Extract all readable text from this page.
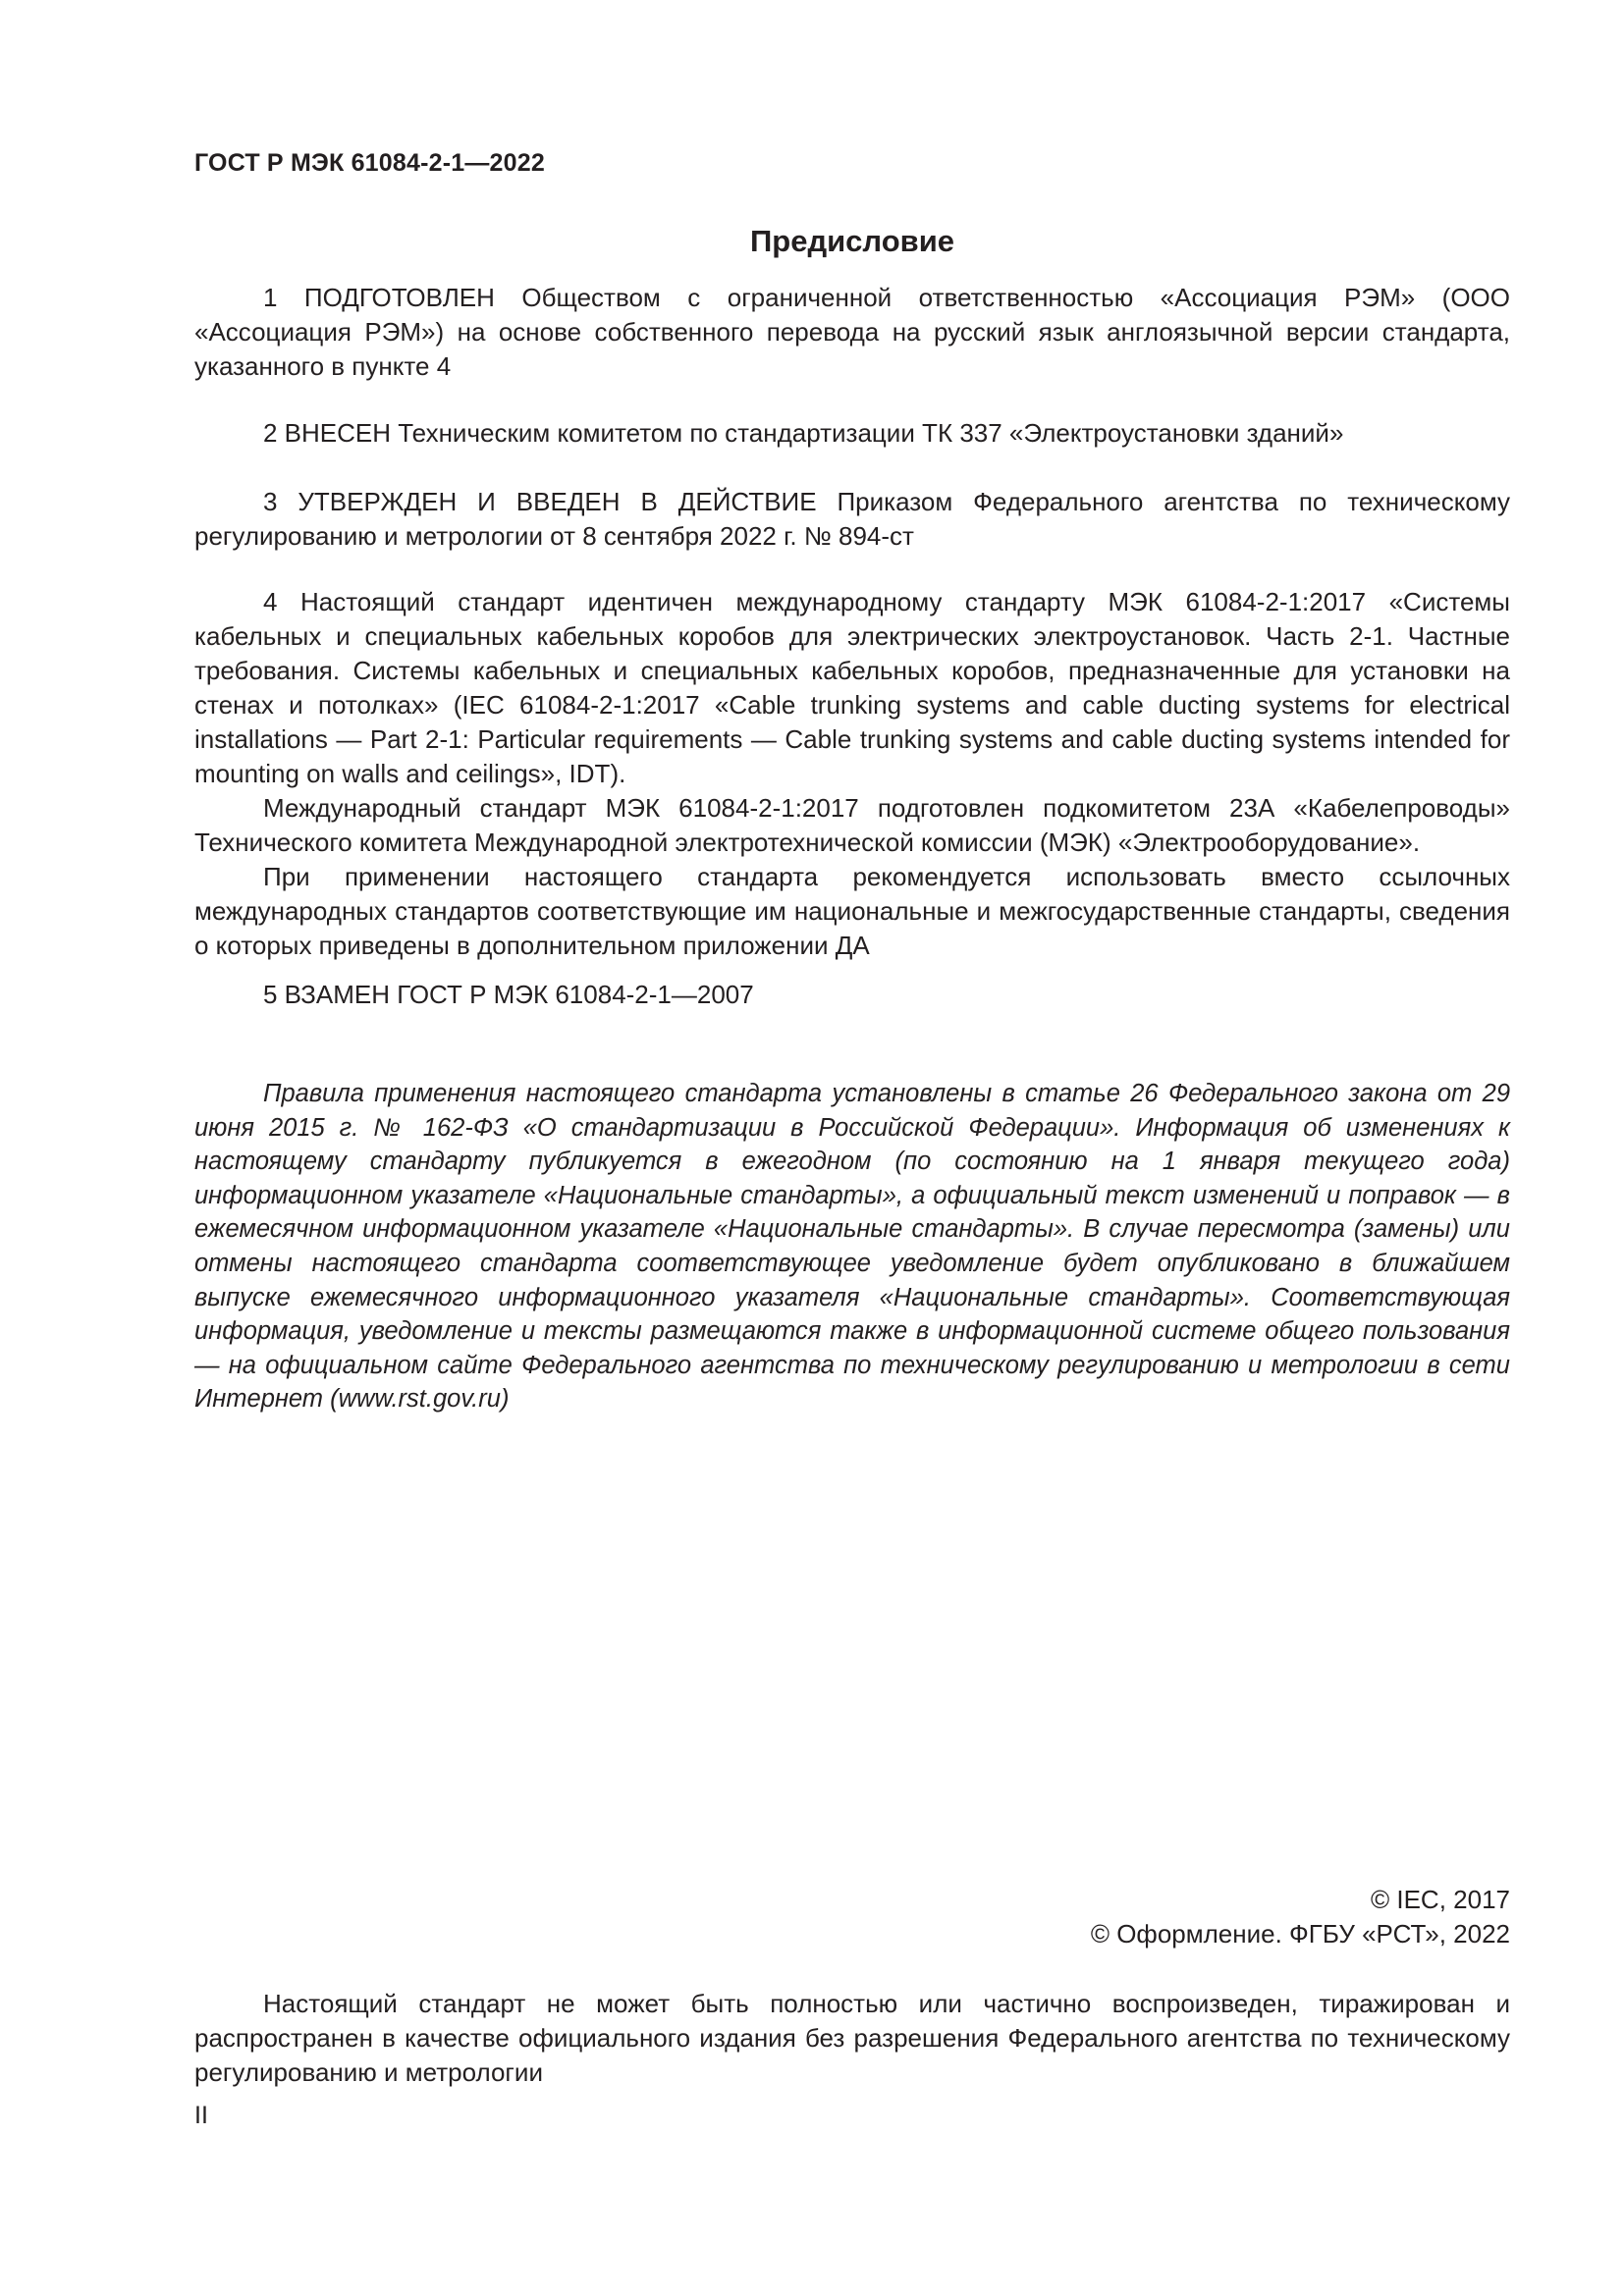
ГОСТ Р МЭК 61084-2-1—2022
Предисловие

1 ПОДГОТОВЛЕН Обществом с ограниченной ответственностью «Ассоциация РЭМ» (ООО «Ассоциация РЭМ») на основе собственного перевода на русский язык англоязычной версии стандарта, указанного в пункте 4

2 ВНЕСЕН Техническим комитетом по стандартизации ТК 337 «Электроустановки зданий»

3 УТВЕРЖДЕН И ВВЕДЕН В ДЕЙСТВИЕ Приказом Федерального агентства по техническому регулированию и метрологии от 8 сентября 2022 г. № 894-ст

4 Настоящий стандарт идентичен международному стандарту МЭК 61084-2-1:2017 «Системы кабельных и специальных кабельных коробов для электрических электроустановок. Часть 2-1. Частные требования. Системы кабельных и специальных кабельных коробов, предназначенные для установки на стенах и потолках» (IEC 61084-2-1:2017 «Cable trunking systems and cable ducting systems for electrical installations — Part 2-1: Particular requirements — Cable trunking systems and cable ducting systems intended for mounting on walls and ceilings», IDT).

Международный стандарт МЭК 61084-2-1:2017 подготовлен подкомитетом 23А «Кабелепроводы» Технического комитета Международной электротехнической комиссии (МЭК) «Электрооборудование».

При применении настоящего стандарта рекомендуется использовать вместо ссылочных международных стандартов соответствующие им национальные и межгосударственные стандарты, сведения о которых приведены в дополнительном приложении ДА

5 ВЗАМЕН ГОСТ Р МЭК 61084-2-1—2007

Правила применения настоящего стандарта установлены в статье 26 Федерального закона от 29 июня 2015 г. № 162-ФЗ «О стандартизации в Российской Федерации». Информация об изменениях к настоящему стандарту публикуется в ежегодном (по состоянию на 1 января текущего года) информационном указателе «Национальные стандарты», а официальный текст изменений и поправок — в ежемесячном информационном указателе «Национальные стандарты». В случае пересмотра (замены) или отмены настоящего стандарта соответствующее уведомление будет опубликовано в ближайшем выпуске ежемесячного информационного указателя «Национальные стандарты». Соответствующая информация, уведомление и тексты размещаются также в информационной системе общего пользования — на официальном сайте Федерального агентства по техническому регулированию и метрологии в сети Интернет (www.rst.gov.ru)

© IEC, 2017
© Оформление. ФГБУ «РСТ», 2022

Настоящий стандарт не может быть полностью или частично воспроизведен, тиражирован и распространен в качестве официального издания без разрешения Федерального агентства по техническому регулированию и метрологии

II
